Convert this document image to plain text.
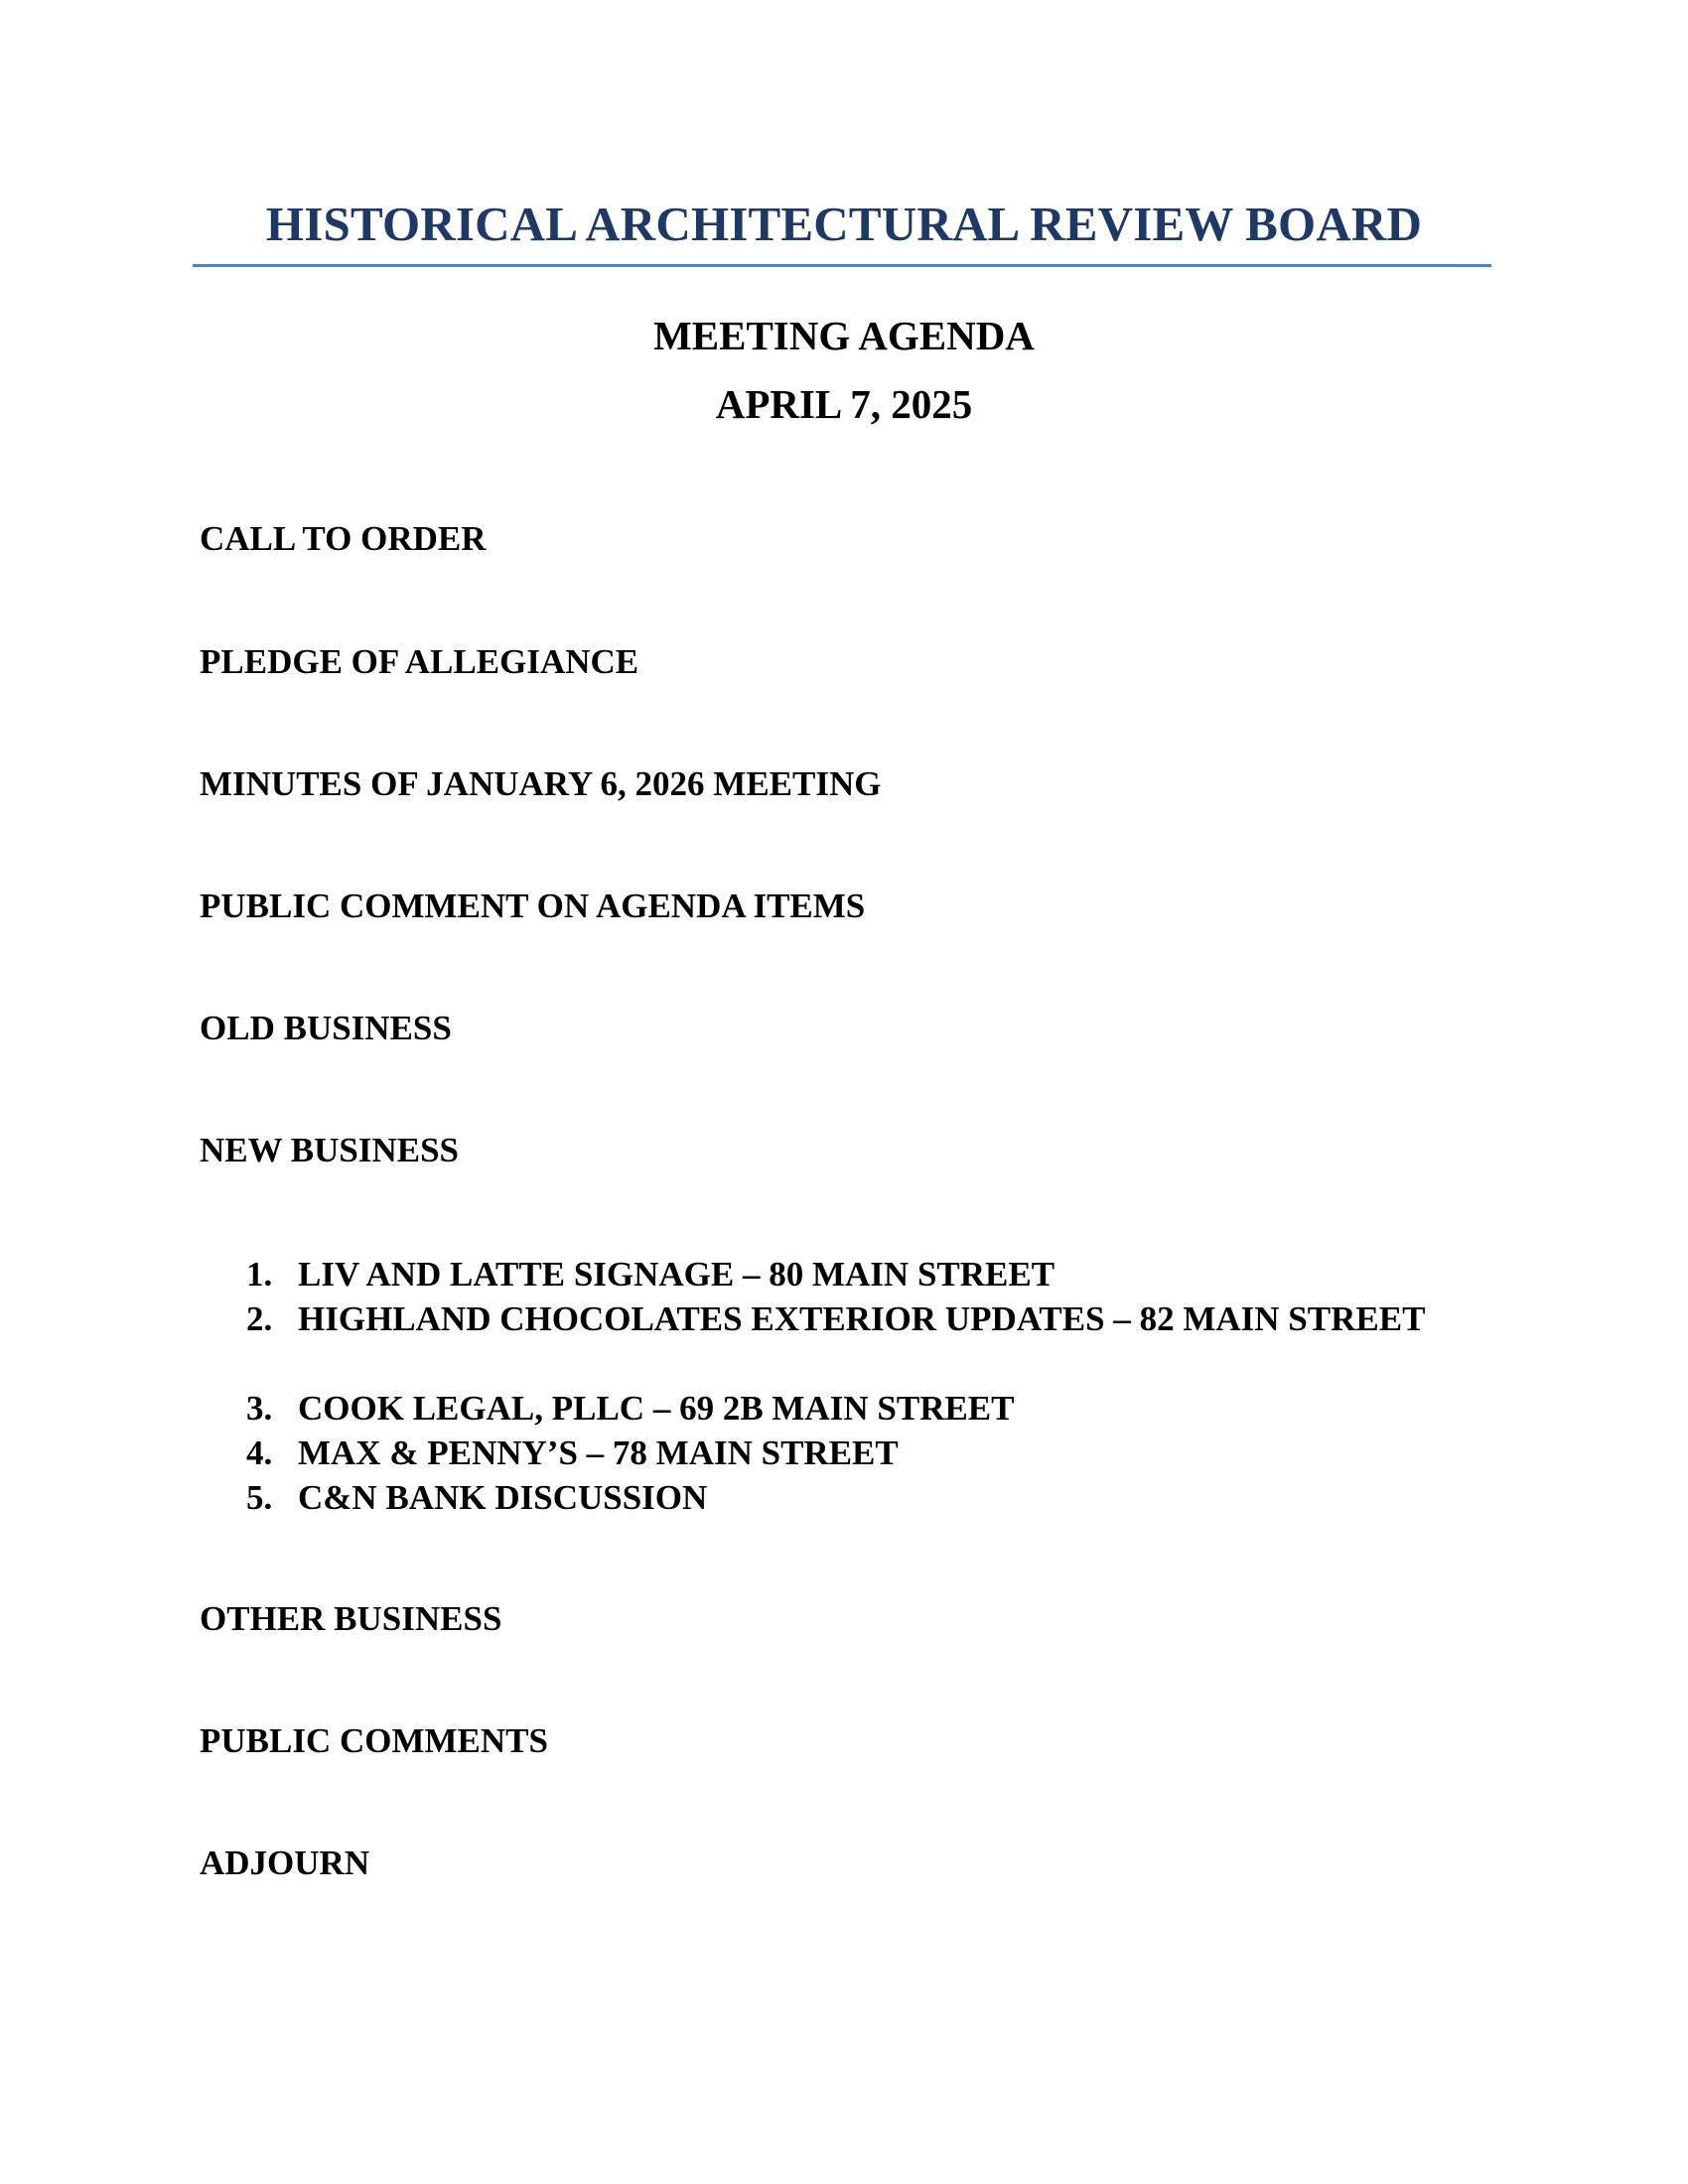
HISTORICAL ARCHITECTURAL REVIEW BOARD
MEETING AGENDA
APRIL 7, 2025
CALL TO ORDER
PLEDGE OF ALLEGIANCE
MINUTES OF JANUARY 6, 2026 MEETING
PUBLIC COMMENT ON AGENDA ITEMS
OLD BUSINESS
NEW BUSINESS
1. LIV AND LATTE SIGNAGE – 80 MAIN STREET
2. HIGHLAND CHOCOLATES EXTERIOR UPDATES – 82 MAIN STREET
3. COOK LEGAL, PLLC – 69 2B MAIN STREET
4. MAX & PENNY’S – 78 MAIN STREET
5. C&N BANK DISCUSSION
OTHER BUSINESS
PUBLIC COMMENTS
ADJOURN
